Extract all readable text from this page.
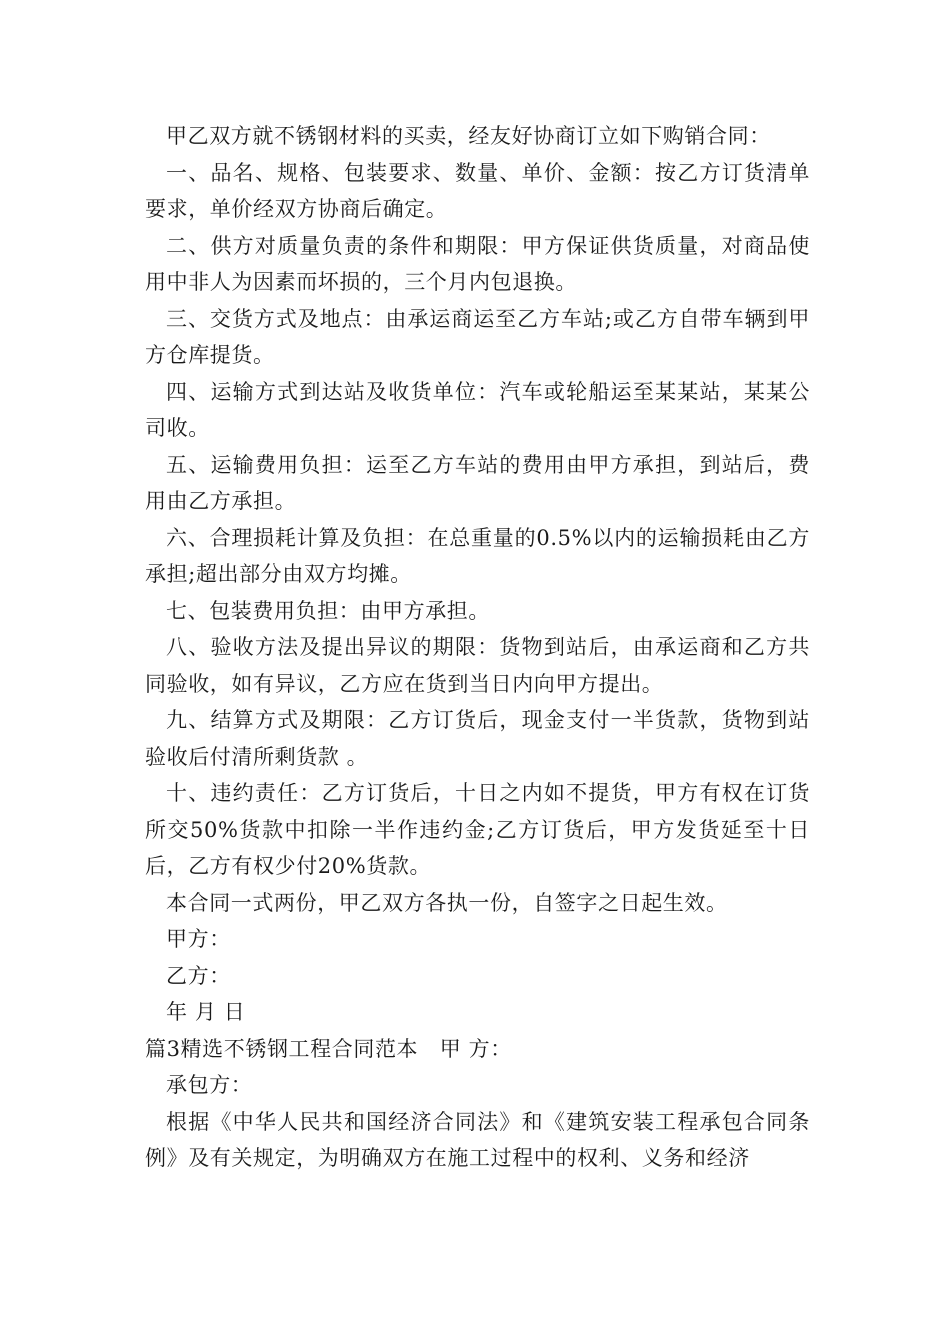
甲乙双方就不锈钢材料的买卖，经友好协商订立如下购销合同：

一、品名、规格、包装要求、数量、单价、金额：按乙方订货清单要求，单价经双方协商后确定。

二、供方对质量负责的条件和期限：甲方保证供货质量，对商品使用中非人为因素而坏损的，三个月内包退换。

三、交货方式及地点：由承运商运至乙方车站;或乙方自带车辆到甲方仓库提货。

四、运输方式到达站及收货单位：汽车或轮船运至某某站，某某公司收。

五、运输费用负担：运至乙方车站的费用由甲方承担，到站后，费用由乙方承担。

六、合理损耗计算及负担：在总重量的0.5%以内的运输损耗由乙方承担;超出部分由双方均摊。

七、包装费用负担：由甲方承担。

八、验收方法及提出异议的期限：货物到站后，由承运商和乙方共同验收，如有异议，乙方应在货到当日内向甲方提出。

九、结算方式及期限：乙方订货后，现金支付一半货款，货物到站验收后付清所剩货款 。

十、违约责任：乙方订货后，十日之内如不提货，甲方有权在订货所交50%货款中扣除一半作违约金;乙方订货后，甲方发货延至十日后，乙方有权少付20%货款。

本合同一式两份，甲乙双方各执一份，自签字之日起生效。

甲方：

乙方：

年 月 日

篇3精选不锈钢工程合同范本　甲 方：

承包方：

根据《中华人民共和国经济合同法》和《建筑安装工程承包合同条例》及有关规定，为明确双方在施工过程中的权利、义务和经济
